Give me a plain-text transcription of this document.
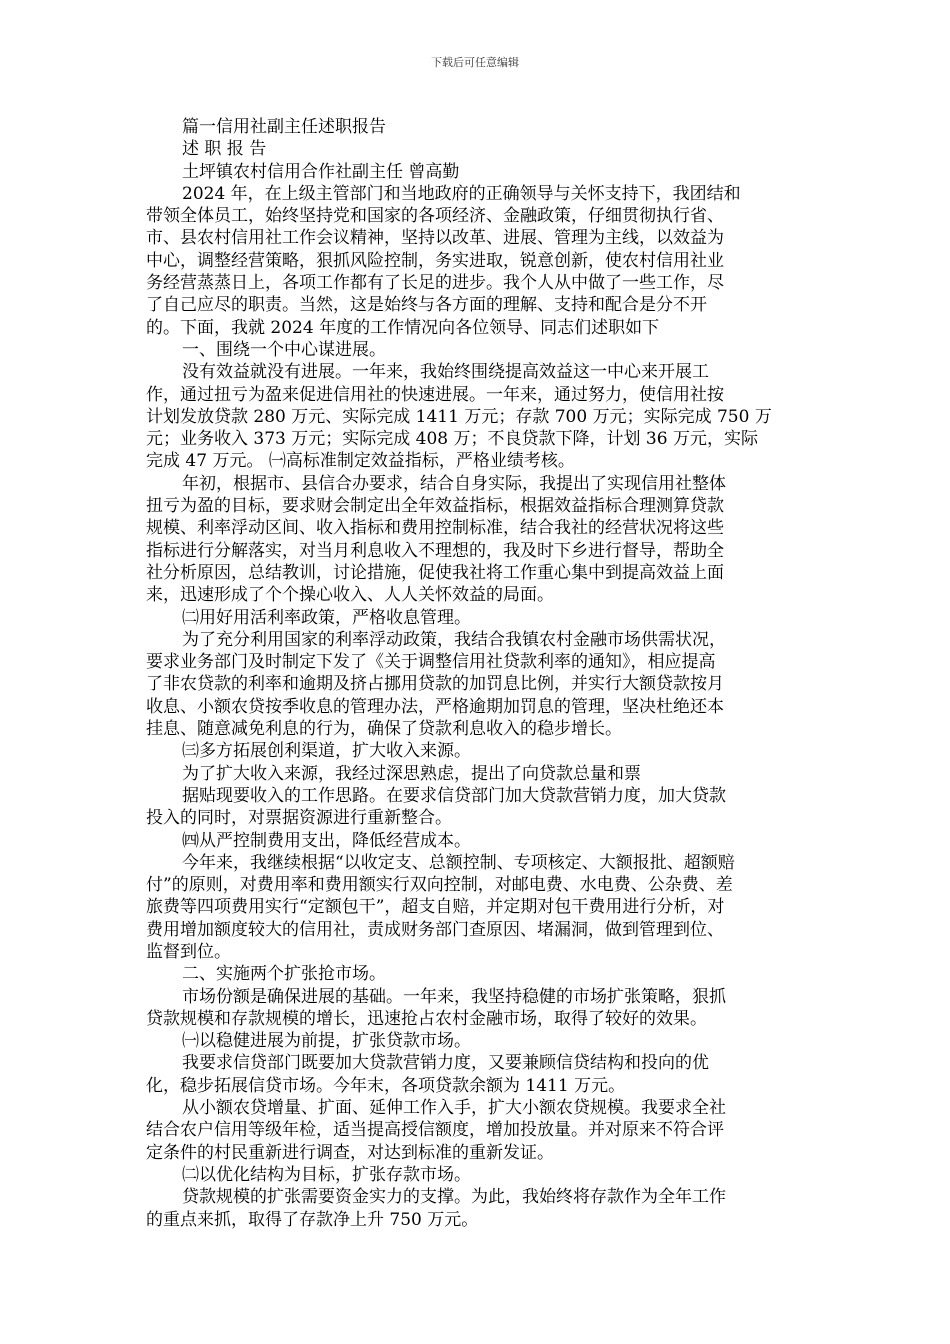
下载后可任意编辑
篇一信用社副主任述职报告
述 职 报 告
土坪镇农村信用合作社副主任 曾高勤
2024 年，在上级主管部门和当地政府的正确领导与关怀支持下，我团结和
带领全体员工，始终坚持党和国家的各项经济、金融政策，仔细贯彻执行省、
市、县农村信用社工作会议精神，坚持以改革、进展、管理为主线，以效益为
中心，调整经营策略，狠抓风险控制，务实进取，锐意创新，使农村信用社业
务经营蒸蒸日上，各项工作都有了长足的进步。我个人从中做了一些工作，尽
了自己应尽的职责。当然，这是始终与各方面的理解、支持和配合是分不开
的。下面，我就 2024 年度的工作情况向各位领导、同志们述职如下
一、围绕一个中心谋进展。
没有效益就没有进展。一年来，我始终围绕提高效益这一中心来开展工
作，通过扭亏为盈来促进信用社的快速进展。一年来，通过努力，使信用社按
计划发放贷款 280 万元、实际完成 1411 万元；存款 700 万元；实际完成 750 万
元；业务收入 373 万元；实际完成 408 万；不良贷款下降，计划 36 万元，实际
完成 47 万元。 ㈠高标准制定效益指标，严格业绩考核。
年初，根据市、县信合办要求，结合自身实际，我提出了实现信用社整体
扭亏为盈的目标，要求财会制定出全年效益指标，根据效益指标合理测算贷款
规模、利率浮动区间、收入指标和费用控制标准，结合我社的经营状况将这些
指标进行分解落实，对当月利息收入不理想的，我及时下乡进行督导，帮助全
社分析原因，总结教训，讨论措施，促使我社将工作重心集中到提高效益上面
来，迅速形成了个个操心收入、人人关怀效益的局面。
㈡用好用活利率政策，严格收息管理。
为了充分利用国家的利率浮动政策，我结合我镇农村金融市场供需状况，
要求业务部门及时制定下发了《关于调整信用社贷款利率的通知》，相应提高
了非农贷款的利率和逾期及挤占挪用贷款的加罚息比例，并实行大额贷款按月
收息、小额农贷按季收息的管理办法，严格逾期加罚息的管理，坚决杜绝还本
挂息、随意减免利息的行为，确保了贷款利息收入的稳步增长。
㈢多方拓展创利渠道，扩大收入来源。
为了扩大收入来源，我经过深思熟虑，提出了向贷款总量和票
据贴现要收入的工作思路。在要求信贷部门加大贷款营销力度，加大贷款
投入的同时，对票据资源进行重新整合。
㈣从严控制费用支出，降低经营成本。
今年来，我继续根据“以收定支、总额控制、专项核定、大额报批、超额赔
付”的原则，对费用率和费用额实行双向控制，对邮电费、水电费、公杂费、差
旅费等四项费用实行“定额包干”，超支自赔，并定期对包干费用进行分析，对
费用增加额度较大的信用社，责成财务部门查原因、堵漏洞，做到管理到位、
监督到位。
二、实施两个扩张抢市场。
市场份额是确保进展的基础。一年来，我坚持稳健的市场扩张策略，狠抓
贷款规模和存款规模的增长，迅速抢占农村金融市场，取得了较好的效果。
㈠以稳健进展为前提，扩张贷款市场。
我要求信贷部门既要加大贷款营销力度，又要兼顾信贷结构和投向的优
化，稳步拓展信贷市场。今年末，各项贷款余额为 1411 万元。
从小额农贷增量、扩面、延伸工作入手，扩大小额农贷规模。我要求全社
结合农户信用等级年检，适当提高授信额度，增加投放量。并对原来不符合评
定条件的村民重新进行调查，对达到标准的重新发证。
㈡以优化结构为目标，扩张存款市场。
贷款规模的扩张需要资金实力的支撑。为此，我始终将存款作为全年工作
的重点来抓，取得了存款净上升 750 万元。
